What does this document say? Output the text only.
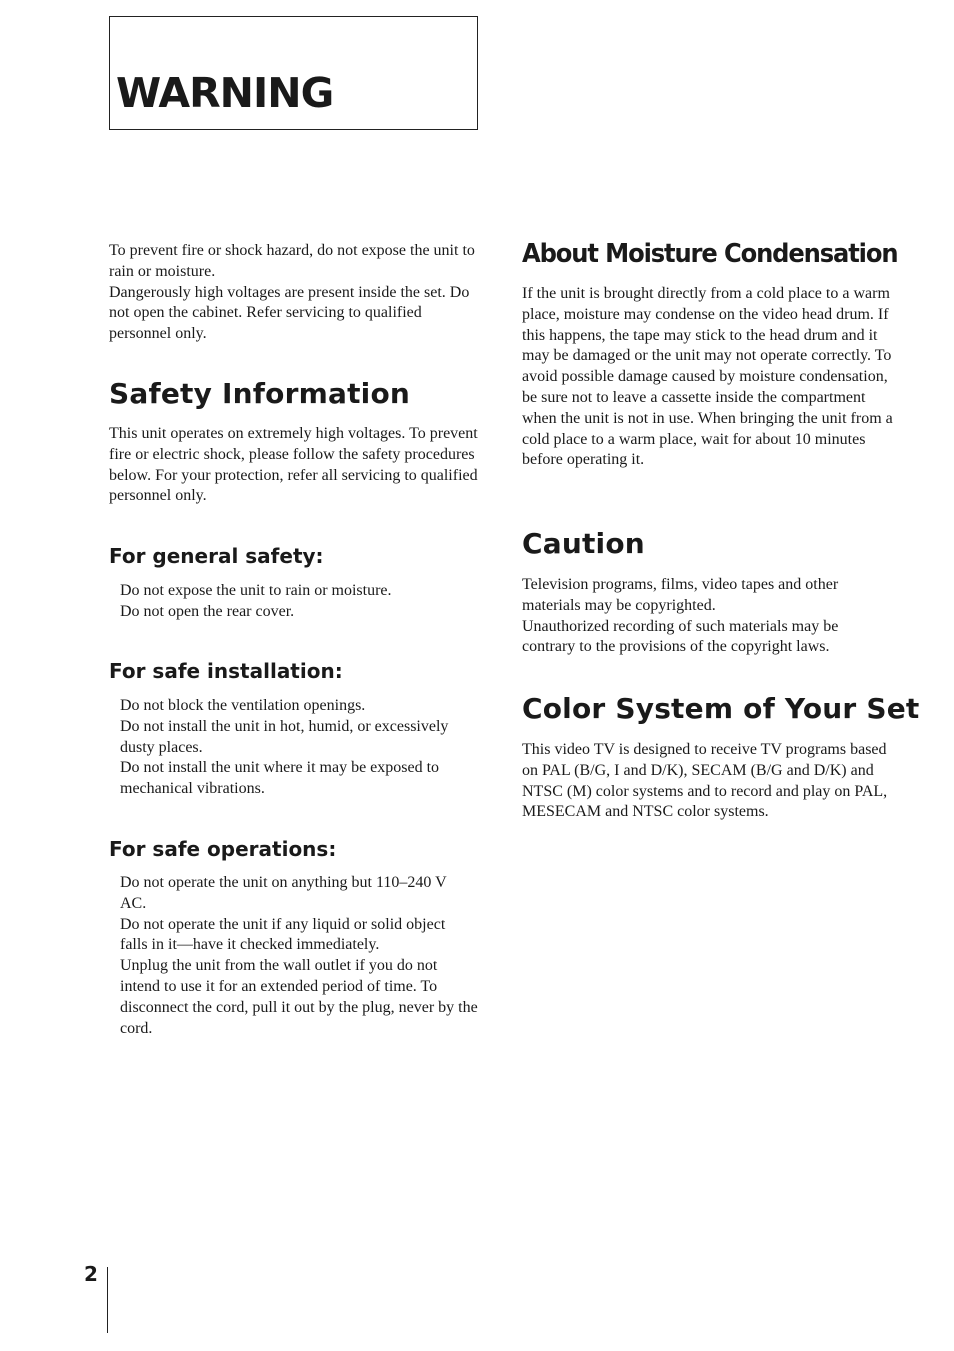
WARNING

To prevent fire or shock hazard, do not expose the unit to rain or moisture.

Dangerously high voltages are present inside the set. Do not open the cabinet. Refer servicing to qualified personnel only.

Safety Information

This unit operates on extremely high voltages. To prevent fire or electric shock, please follow the safety procedures below. For your protection, refer all servicing to qualified personnel only.

For general safety:

Do not expose the unit to rain or moisture.

Do not open the rear cover.

For safe installation:

Do not block the ventilation openings.

Do not install the unit in hot, humid, or excessively dusty places.

Do not install the unit where it may be exposed to mechanical vibrations.

For safe operations:

Do not operate the unit on anything but 110–240 V AC.

Do not operate the unit if any liquid or solid object falls in it—have it checked immediately.

Unplug the unit from the wall outlet if you do not intend to use it for an extended period of time. To disconnect the cord, pull it out by the plug, never by the cord.

About Moisture Condensation

If the unit is brought directly from a cold place to a warm place, moisture may condense on the video head drum. If this happens, the tape may stick to the head drum and it may be damaged or the unit may not operate correctly. To avoid possible damage caused by moisture condensation, be sure not to leave a cassette inside the compartment when the unit is not in use. When bringing the unit from a cold place to a warm place, wait for about 10 minutes before operating it.

Caution

Television programs, films, video tapes and other materials may be copyrighted.

Unauthorized recording of such materials may be contrary to the provisions of the copyright laws.

Color System of Your Set

This video TV is designed to receive TV programs based on PAL (B/G, I and D/K), SECAM (B/G and D/K) and NTSC (M) color systems and to record and play on PAL, MESECAM and NTSC color systems.

2
